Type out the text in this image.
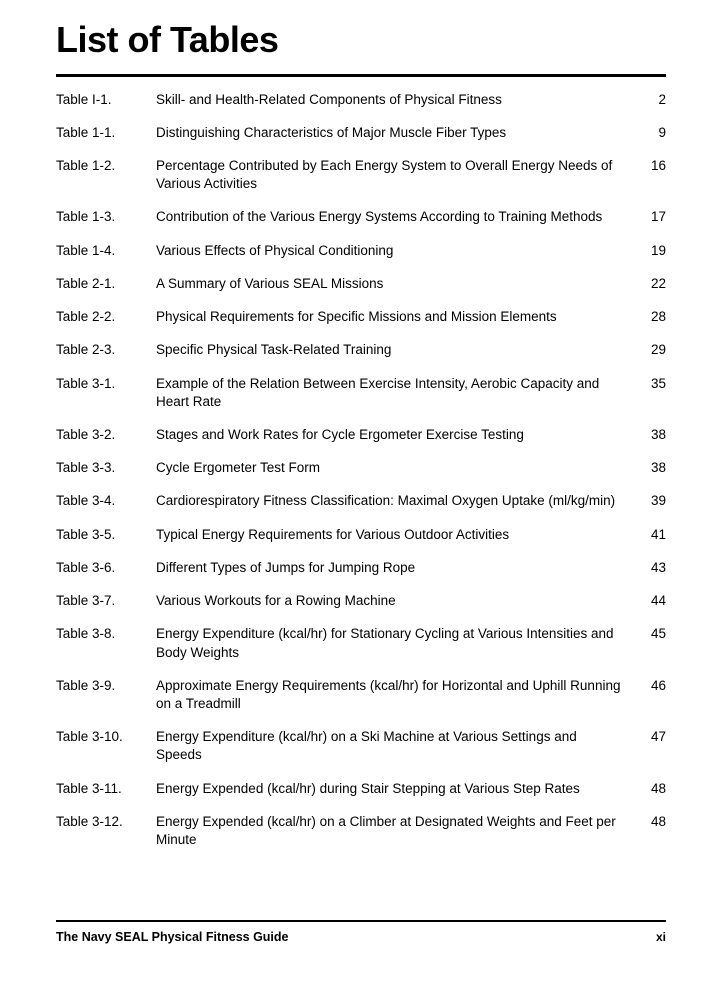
List of Tables
Table I-1.	Skill- and Health-Related Components of Physical Fitness	2
Table 1-1.	Distinguishing Characteristics of Major Muscle Fiber Types	9
Table 1-2.	Percentage Contributed by Each Energy System to Overall Energy Needs of Various Activities	16
Table 1-3.	Contribution of the Various Energy Systems According to Training Methods	17
Table 1-4.	Various Effects of Physical Conditioning	19
Table 2-1.	A Summary of Various SEAL Missions	22
Table 2-2.	Physical Requirements for Specific Missions and Mission Elements	28
Table 2-3.	Specific Physical Task-Related Training	29
Table 3-1.	Example of the Relation Between Exercise Intensity, Aerobic Capacity and Heart Rate	35
Table 3-2.	Stages and Work Rates for Cycle Ergometer Exercise Testing	38
Table 3-3.	Cycle Ergometer Test Form	38
Table 3-4.	Cardiorespiratory Fitness Classification: Maximal Oxygen Uptake (ml/kg/min)	39
Table 3-5.	Typical Energy Requirements for Various Outdoor Activities	41
Table 3-6.	Different Types of Jumps for Jumping Rope	43
Table 3-7.	Various Workouts for a Rowing Machine	44
Table 3-8.	Energy Expenditure (kcal/hr) for Stationary Cycling at Various Intensities and Body Weights	45
Table 3-9.	Approximate Energy Requirements (kcal/hr) for Horizontal and Uphill Running on a Treadmill	46
Table 3-10.	Energy Expenditure (kcal/hr) on a Ski Machine at Various Settings and Speeds	47
Table 3-11.	Energy Expended (kcal/hr) during Stair Stepping at Various Step Rates	48
Table 3-12.	Energy Expended (kcal/hr) on a Climber at Designated Weights and Feet per Minute	48
The Navy SEAL Physical Fitness Guide	xi
